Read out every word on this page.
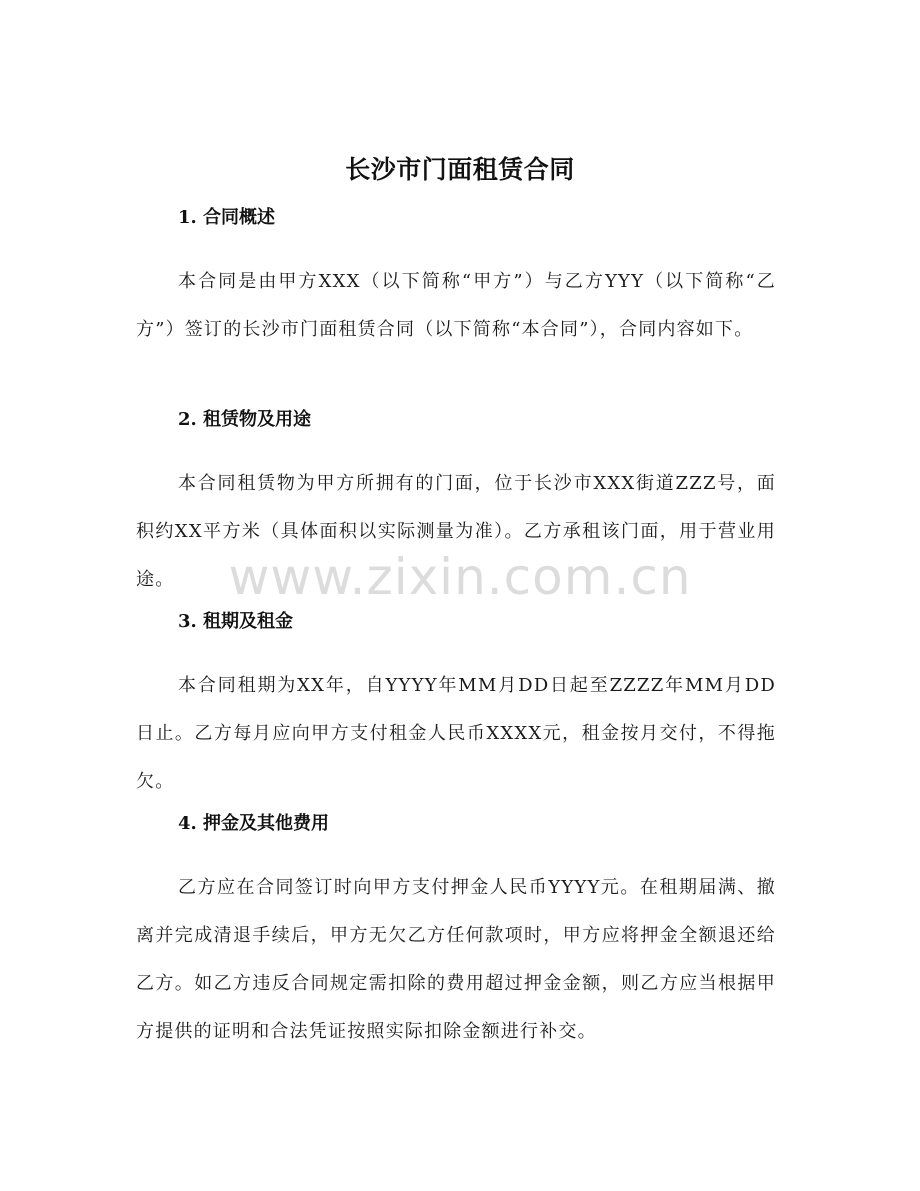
长沙市门面租赁合同
1. 合同概述
本合同是由甲方XXX（以下简称“甲方”）与乙方YYY（以下简称“乙方”）签订的长沙市门面租赁合同（以下简称“本合同”），合同内容如下。
2. 租赁物及用途
本合同租赁物为甲方所拥有的门面，位于长沙市XXX街道ZZZ号，面积约XX平方米（具体面积以实际测量为准）。乙方承租该门面，用于营业用途。
3. 租期及租金
本合同租期为XX年，自YYYY年MM月DD日起至ZZZZ年MM月DD日止。乙方每月应向甲方支付租金人民币XXXX元，租金按月交付，不得拖欠。
4. 押金及其他费用
乙方应在合同签订时向甲方支付押金人民币YYYY元。在租期届满、撤离并完成清退手续后，甲方无欠乙方任何款项时，甲方应将押金全额退还给乙方。如乙方违反合同规定需扣除的费用超过押金金额，则乙方应当根据甲方提供的证明和合法凭证按照实际扣除金额进行补交。
www.zixin.com.cn
